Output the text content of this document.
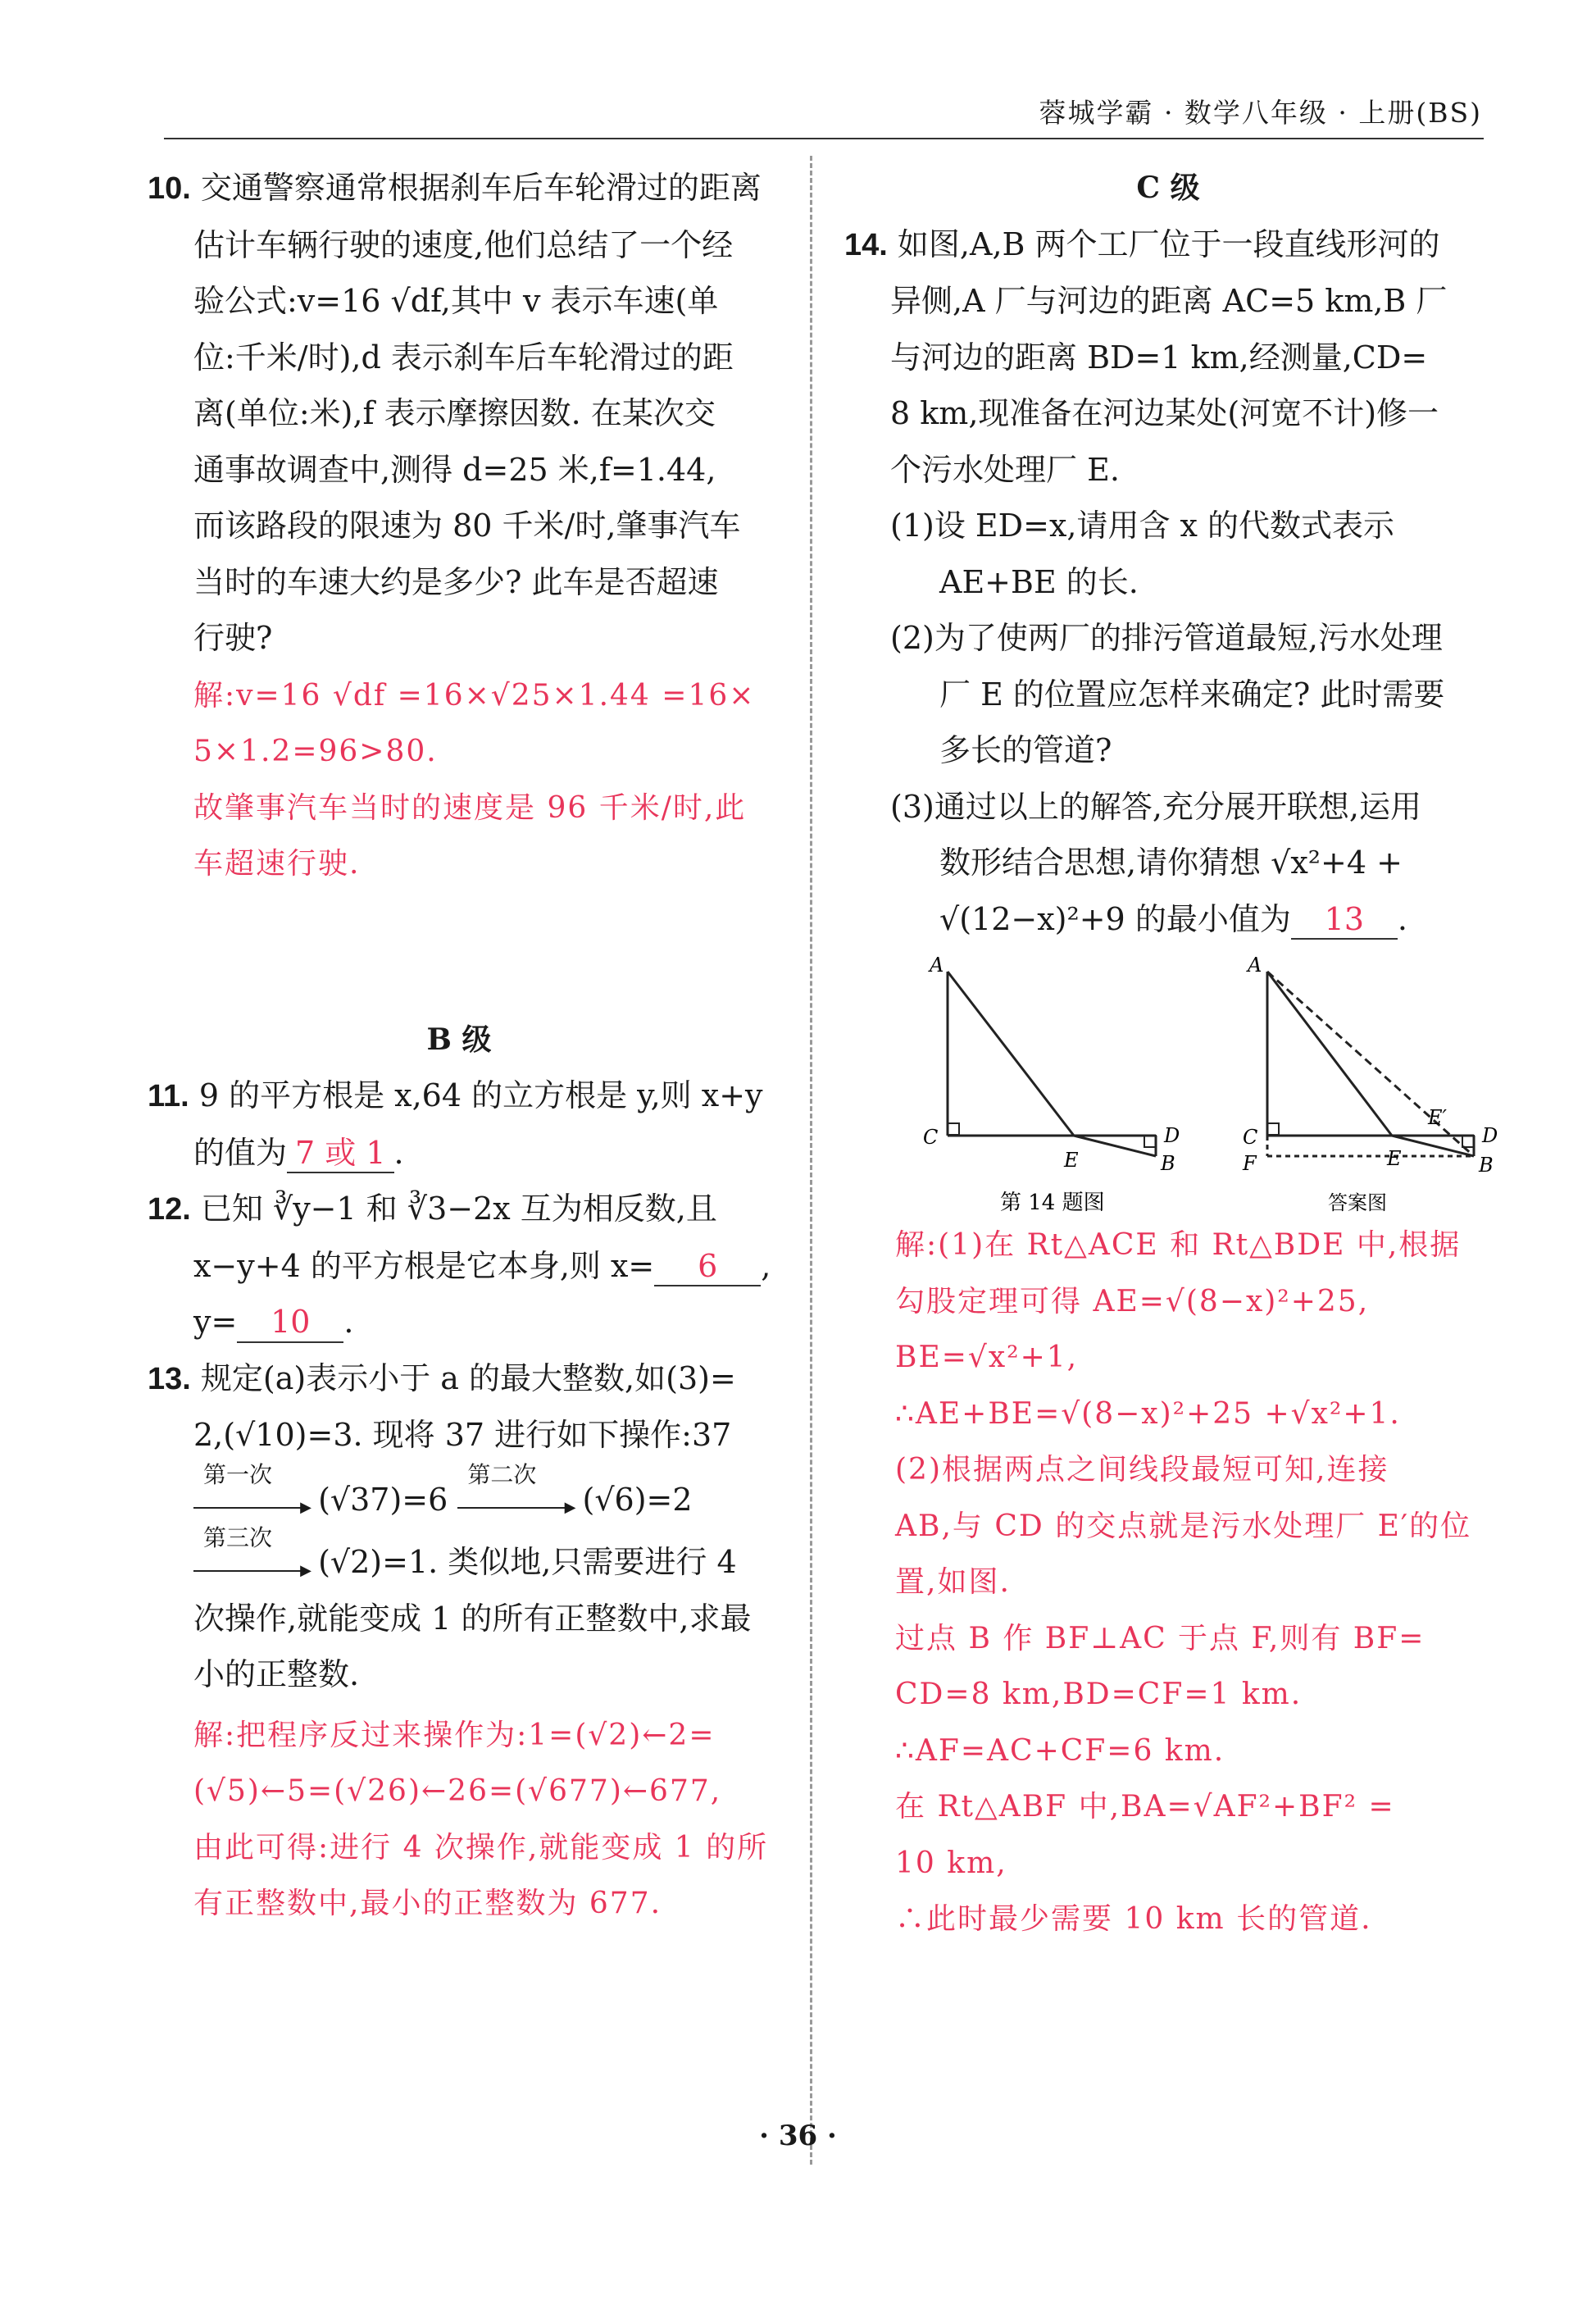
蓉城学霸 · 数学八年级 · 上册(BS)
10. 交通警察通常根据刹车后车轮滑过的距离
估计车辆行驶的速度,他们总结了一个经
验公式:v=16 √df,其中 v 表示车速(单
位:千米/时),d 表示刹车后车轮滑过的距
离(单位:米),f 表示摩擦因数. 在某次交
通事故调查中,测得 d=25 米,f=1.44,
而该路段的限速为 80 千米/时,肇事汽车
当时的车速大约是多少? 此车是否超速
行驶?
解:v=16 √df =16×√25×1.44 =16×
5×1.2=96>80.
故肇事汽车当时的速度是 96 千米/时,此
车超速行驶.
B 级
11. 9 的平方根是 x,64 的立方根是 y,则 x+y
的值为 7 或 1 .
12. 已知 ∛y−1 和 ∛3−2x 互为相反数,且
x−y+4 的平方根是它本身,则 x= 6 ,
y= 10 .
13. 规定(a)表示小于 a 的最大整数,如(3)=
2,(√10)=3. 现将 37 进行如下操作:37
第一次
▶ (√37)=6
第二次
▶ (√6)=2
第三次
▶ (√2)=1. 类似地,只需要进行 4
次操作,就能变成 1 的所有正整数中,求最
小的正整数.
解:把程序反过来操作为:1=(√2)←2=
(√5)←5=(√26)←26=(√677)←677,
由此可得:进行 4 次操作,就能变成 1 的所
有正整数中,最小的正整数为 677.
C 级
14. 如图,A,B 两个工厂位于一段直线形河的
异侧,A 厂与河边的距离 AC=5 km,B 厂
与河边的距离 BD=1 km,经测量,CD=
8 km,现准备在河边某处(河宽不计)修一
个污水处理厂 E.
(1)设 ED=x,请用含 x 的代数式表示
AE+BE 的长.
(2)为了使两厂的排污管道最短,污水处理
厂 E 的位置应怎样来确定? 此时需要
多长的管道?
(3)通过以上的解答,充分展开联想,运用
数形结合思想,请你猜想 √x²+4 +
√(12−x)²+9 的最小值为 13 .
A
C	D
E	B
第 14 题图
A
C
F
D
E
E′
B
答案图
解:(1)在 Rt△ACE 和 Rt△BDE 中,根据
勾股定理可得 AE=√(8−x)²+25,
BE=√x²+1,
∴AE+BE=√(8−x)²+25 +√x²+1.
(2)根据两点之间线段最短可知,连接
AB,与 CD 的交点就是污水处理厂 E′的位
置,如图.
过点 B 作 BF⊥AC 于点 F,则有 BF=
CD=8 km,BD=CF=1 km.
∴AF=AC+CF=6 km.
在 Rt△ABF 中,BA=√AF²+BF² =
10 km,
∴此时最少需要 10 km 长的管道.
· 36 ·
